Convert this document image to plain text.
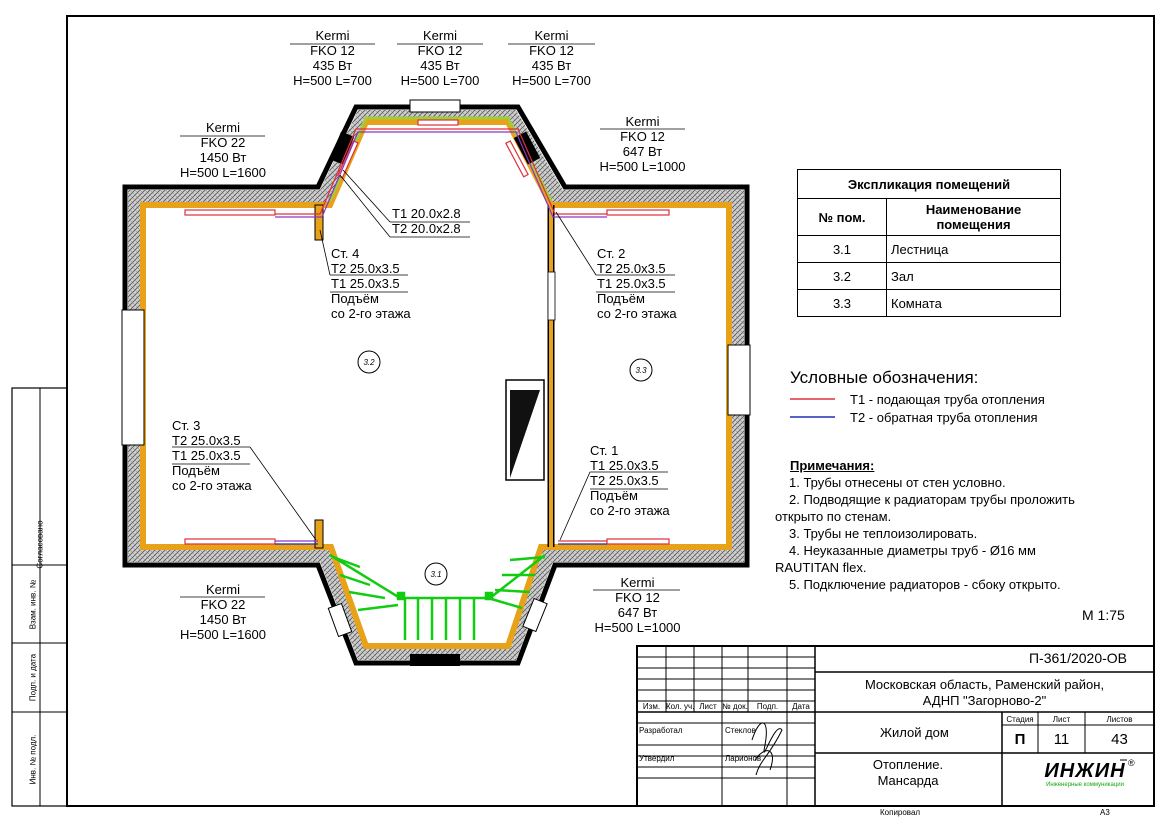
Kermi
FKO 12
435 Вт
H=500 L=700
Kermi
FKO 12
435 Вт
H=500 L=700
Kermi
FKO 12
435 Вт
H=500 L=700
Kermi
FKO 22
1450 Вт
H=500 L=1600
Kermi
FKO 12
647 Вт
H=500 L=1000
Kermi
FKO 22
1450 Вт
H=500 L=1600
Kermi
FKO 12
647 Вт
H=500 L=1000
Т1 20.0x2.8
Т2 20.0x2.8
Ст. 4
Т2 25.0x3.5
Т1 25.0x3.5
Подъём
со 2-го этажа
Ст. 2
Т2 25.0x3.5
Т1 25.0x3.5
Подъём
со 2-го этажа
Ст. 3
Т2 25.0x3.5
Т1 25.0x3.5
Подъём
со 2-го этажа
Ст. 1
Т1 25.0x3.5
Т2 25.0x3.5
Подъём
со 2-го этажа
3.2
3.3
3.1
Экспликация помещений	
№ пом.	Наименование
помещения
3.1	Лестница
3.2	Зал
3.3	Комната
Условные обозначения:
Т1 - подающая труба отопления
Т2 - обратная труба отопления
Примечания:
1. Трубы отнесены от стен условно.
2. Подводящие к радиаторам трубы проложить
открыто по стенам.
3. Трубы не теплоизолировать.
4. Неуказанные диаметры труб - Ø16 мм
RAUTITAN flex.
5. Подключение радиаторов - сбоку открыто.
М 1:75
П-361/2020-ОВ
Московская область, Раменский район,
АДНП "Загорново-2"
Жилой дом
Отопление.
Мансарда
Изм. Кол. уч. Лист № док.	Подп.	Дата
Разработал	Стеклов
Утвердил	Ларионов
Стадия	Лист	Листов
П	11	43
ИНЖИН ®
Инженерные коммуникации
Копировал	А3
Согласовано
Взам. инв. №
Подп. и дата
Инв. № подл.
